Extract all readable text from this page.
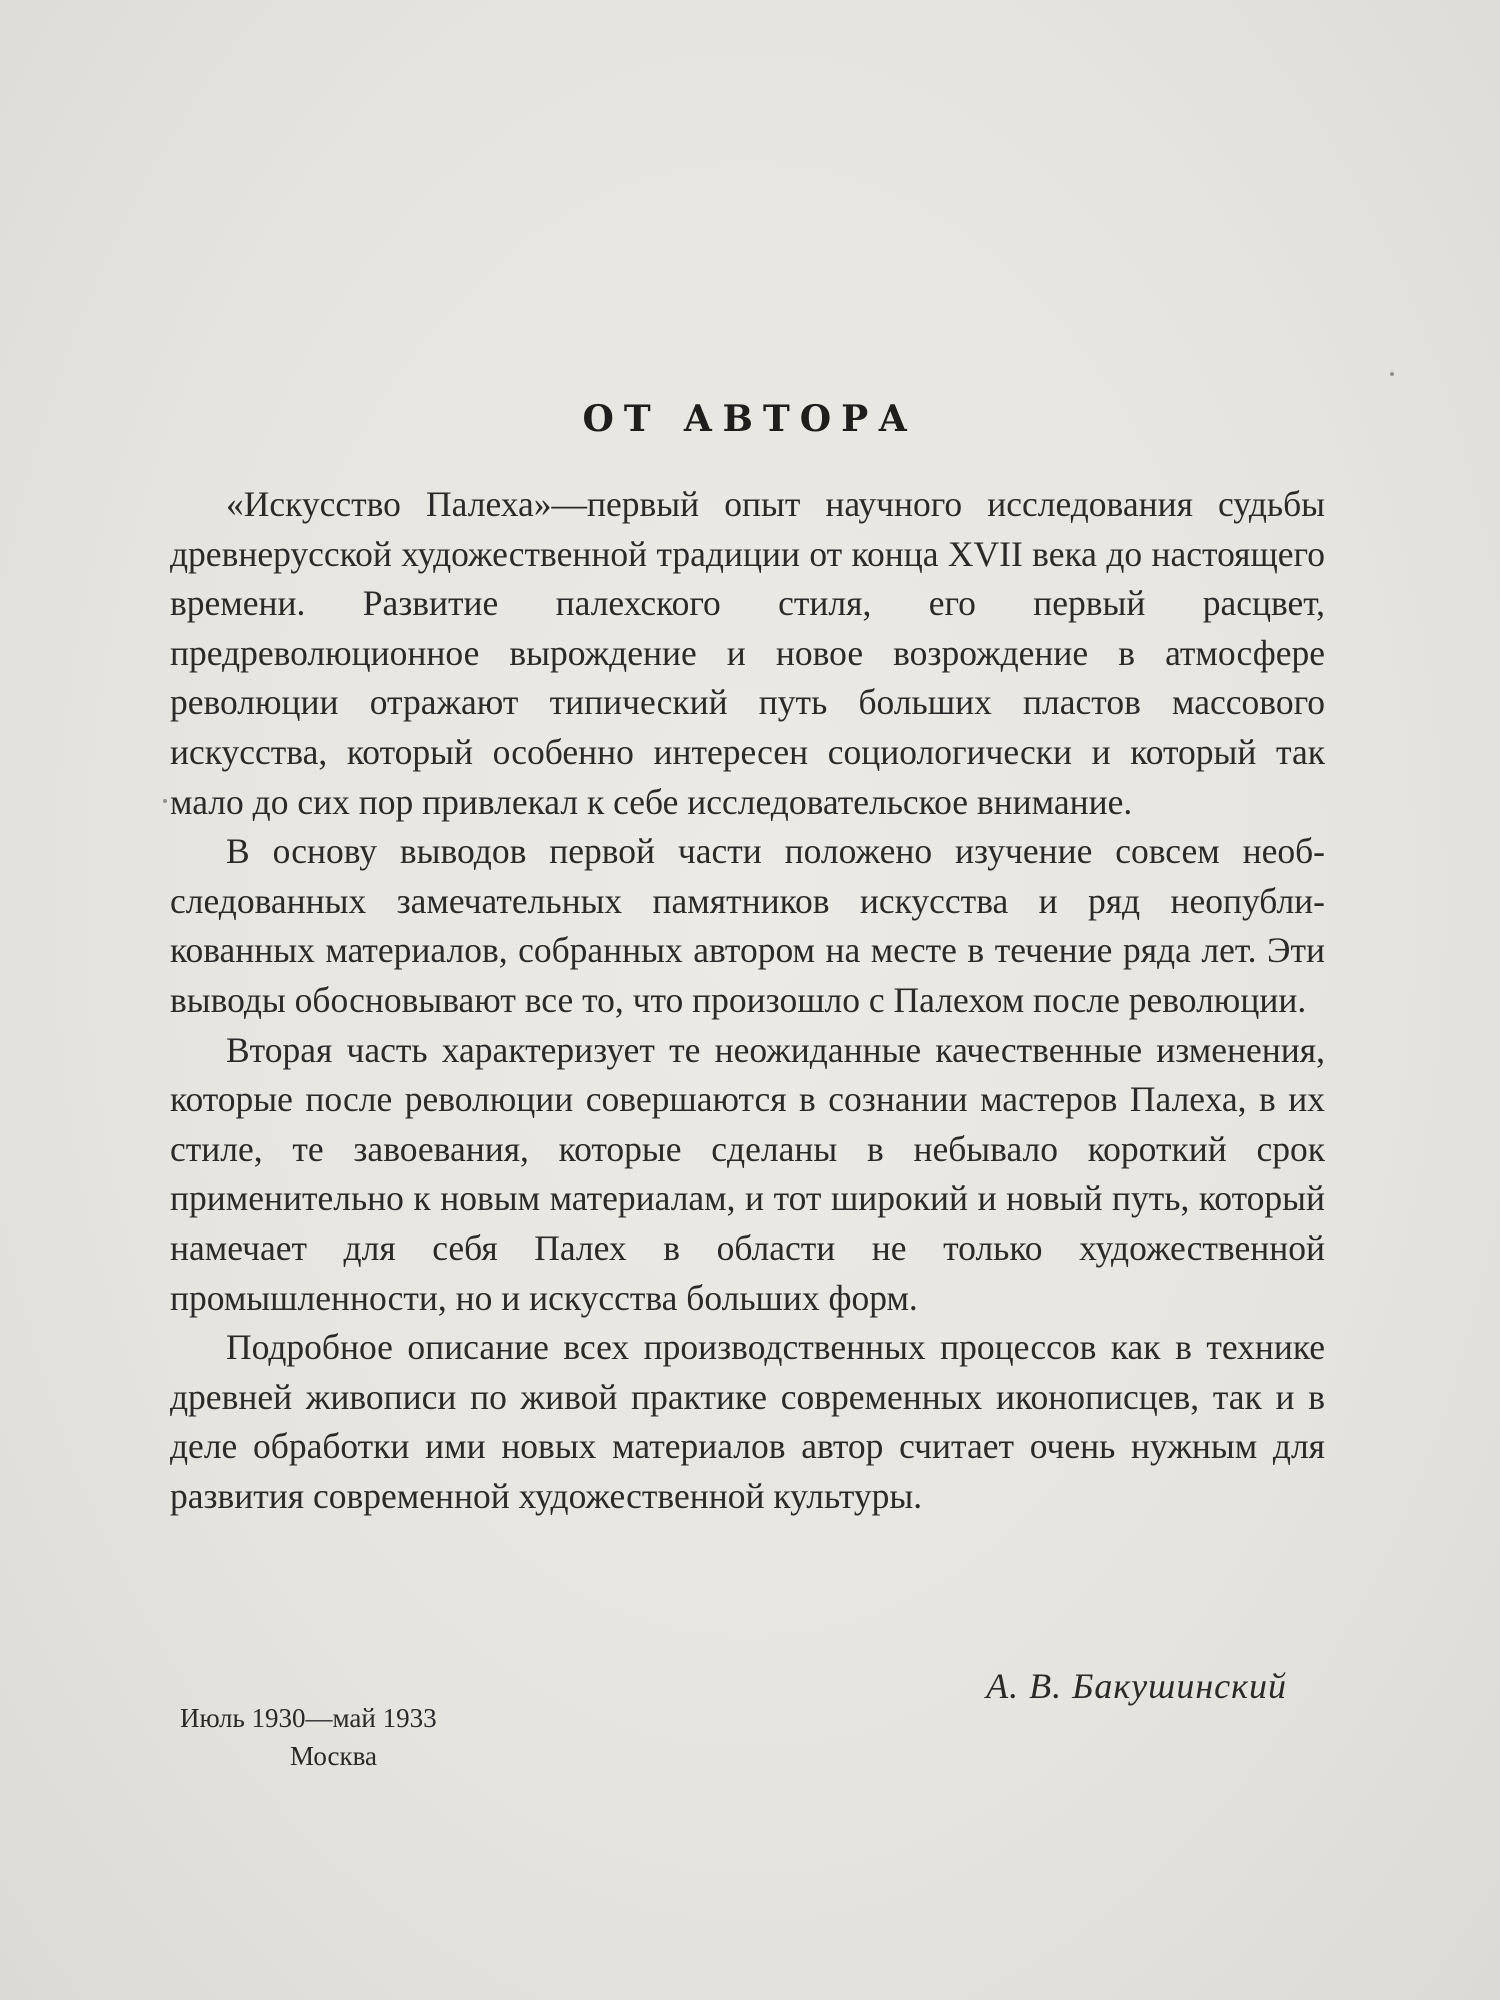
ОТ АВТОРА

«Искусство Палеха»—первый опыт научного исследования судьбы древнерусской художественной традиции от конца XVII века до настоящего времени. Развитие палехского стиля, его первый расцвет, предреволюционное вырождение и новое возрождение в атмосфере революции отражают типический путь больших пластов массового искусства, который особенно интересен социологически и который так мало до сих пор привлекал к себе исследовательское внимание.

В основу выводов первой части положено изучение совсем необследованных замечательных памятников искусства и ряд неопубликованных материалов, собранных автором на месте в течение ряда лет. Эти выводы обосновывают все то, что произошло с Палехом после революции.

Вторая часть характеризует те неожиданные качественные изменения, которые после революции совершаются в сознании мастеров Палеха, в их стиле, те завоевания, которые сделаны в небывало короткий срок применительно к новым материалам, и тот широкий и новый путь, который намечает для себя Палех в области не только художественной промышленности, но и искусства больших форм.

Подробное описание всех производственных процессов как в технике древней живописи по живой практике современных иконописцев, так и в деле обработки ими новых материалов автор считает очень нужным для развития современной художественной культуры.

А. В. Бакушинский
Июль 1930—май 1933
Москва
